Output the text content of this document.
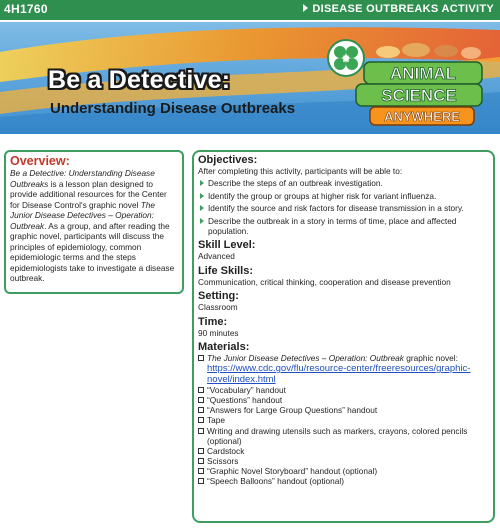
4H1760	DISEASE OUTBREAKS ACTIVITY
Be a Detective:
Understanding Disease Outbreaks
H
ANIMAL
SCIENCE
ANYWHERE
Overview:

Be a Detective: Understanding Disease Outbreaks is a lesson plan designed to provide additional resources for the Center for Disease Control's graphic novel The Junior Disease Detectives – Operation: Outbreak. As a group, and after reading the graphic novel, participants will discuss the principles of epidemiology, common epidemiologic terms and the steps epidemiologists take to investigate a disease outbreak.

Objectives:
After completing this activity, participants will be able to:
Describe the steps of an outbreak investigation.
Identify the group or groups at higher risk for variant influenza.
Identify the source and risk factors for disease transmission in a story.
Describe the outbreak in a story in terms of time, place and affected population.
Skill Level:
Advanced
Life Skills:
Communication, critical thinking, cooperation and disease prevention
Setting:
Classroom
Time:
90 minutes
Materials:
The Junior Disease Detectives – Operation: Outbreak graphic novel:
https://www.cdc.gov/flu/resource-center/freeresources/graphic-novel/index.html
“Vocabulary” handout
“Questions” handout
“Answers for Large Group Questions” handout
Tape
Writing and drawing utensils such as markers, crayons, colored pencils (optional)
Cardstock
Scissors
“Graphic Novel Storyboard” handout (optional)
“Speech Balloons” handout (optional)
